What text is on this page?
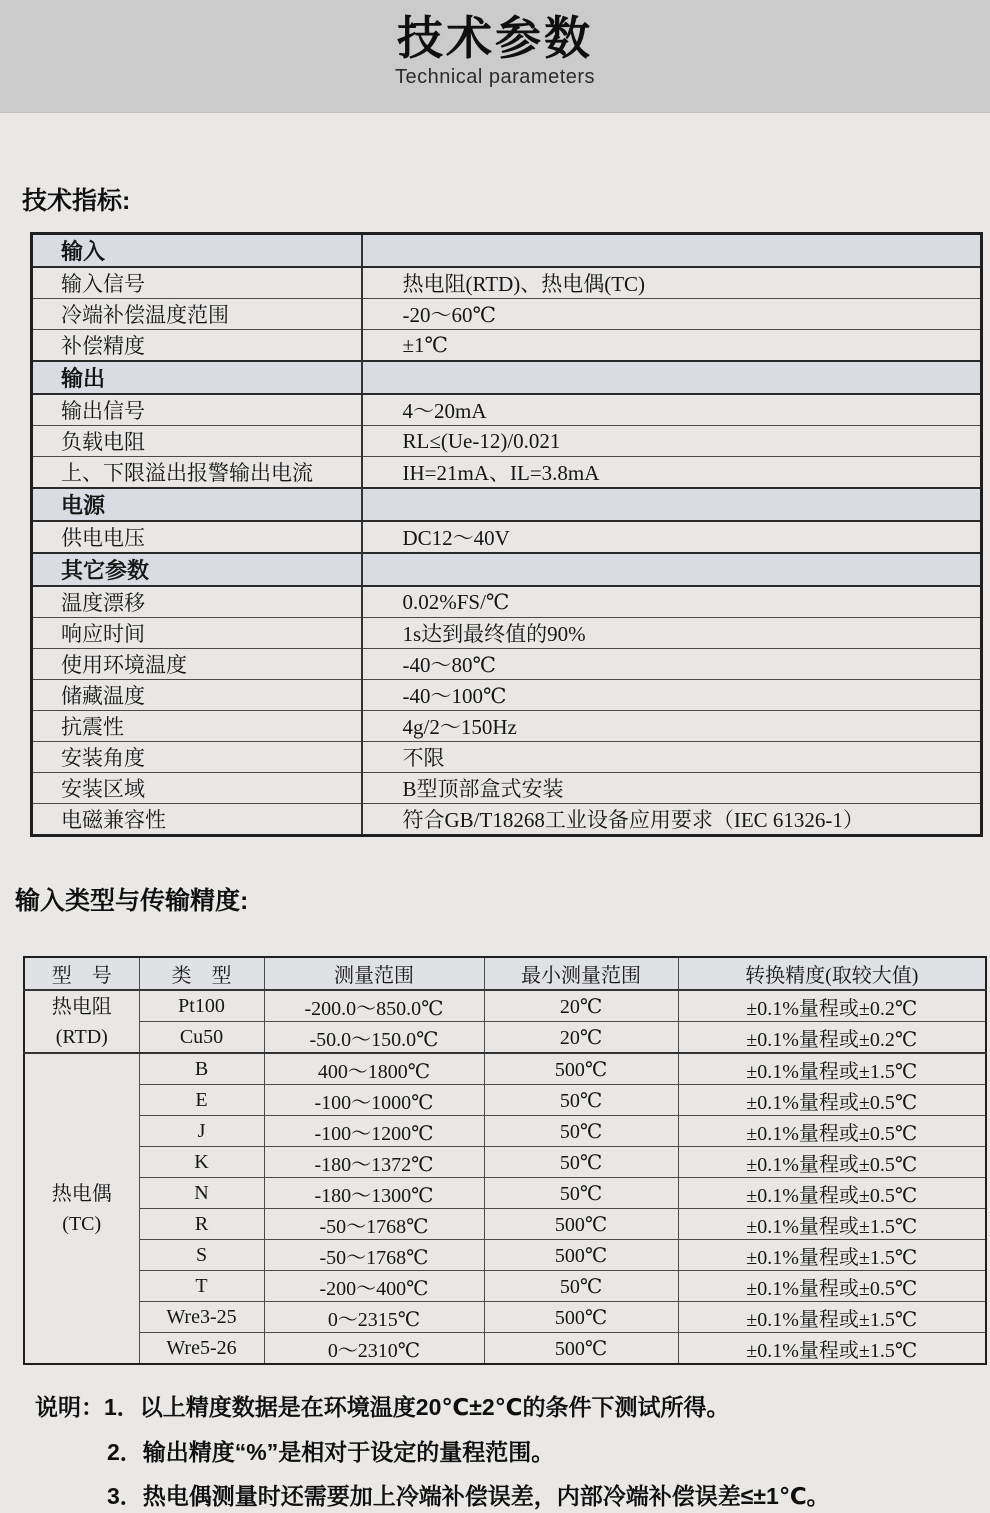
技术参数
Technical parameters
技术指标:
输入	
输入信号	热电阻(RTD)、热电偶(TC)
冷端补偿温度范围	-20～60℃
补偿精度	±1℃
输出	
输出信号	4～20mA
负载电阻	RL≤(Ue-12)/0.021
上、下限溢出报警输出电流	IH=21mA、IL=3.8mA
电源	
供电电压	DC12～40V
其它参数	
温度漂移	0.02%FS/℃
响应时间	1s达到最终值的90%
使用环境温度	-40～80℃
储藏温度	-40～100℃
抗震性	4g/2～150Hz
安装角度	不限
安装区域	B型顶部盒式安装
电磁兼容性	符合GB/T18268工业设备应用要求（IEC 61326-1）
输入类型与传输精度:
型　号	类　型	测量范围	最小测量范围	转换精度(取较大值)

热电阻
(RTD)	Pt100	-200.0～850.0℃	20℃	±0.1%量程或±0.2℃
	Cu50	-50.0～150.0℃	20℃	±0.1%量程或±0.2℃

热电偶
(TC)	B	400～1800℃	500℃	±0.1%量程或±1.5℃
	E	-100～1000℃	50℃	±0.1%量程或±0.5℃
	J	-100～1200℃	50℃	±0.1%量程或±0.5℃
	K	-180～1372℃	50℃	±0.1%量程或±0.5℃
	N	-180～1300℃	50℃	±0.1%量程或±0.5℃
	R	-50～1768℃	500℃	±0.1%量程或±1.5℃
	S	-50～1768℃	500℃	±0.1%量程或±1.5℃
	T	-200～400℃	50℃	±0.1%量程或±0.5℃
	Wre3-25	0～2315℃	500℃	±0.1%量程或±1.5℃
	Wre5-26	0～2310℃	500℃	±0.1%量程或±1.5℃
说明：1．以上精度数据是在环境温度20℃±2℃的条件下测试所得。
2．输出精度“%”是相对于设定的量程范围。
3．热电偶测量时还需要加上冷端补偿误差，内部冷端补偿误差≤±1℃。
